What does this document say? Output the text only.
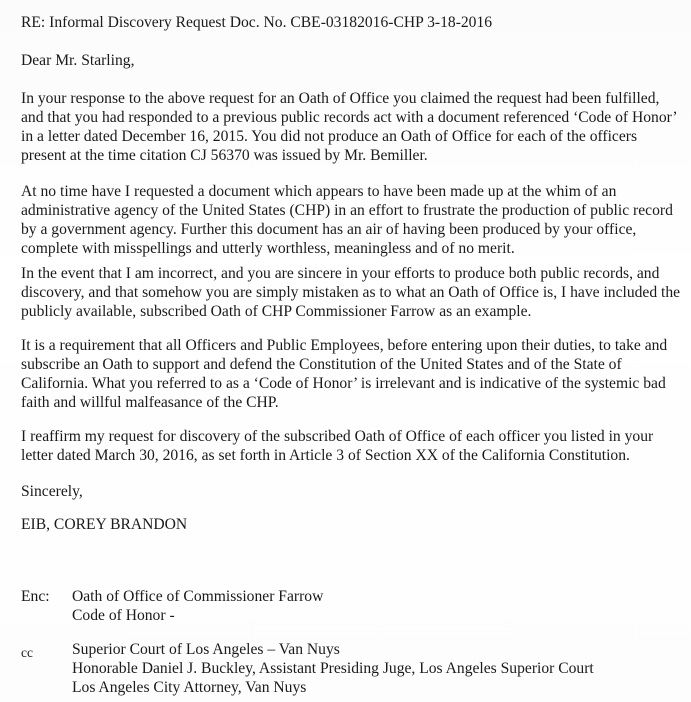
RE: Informal Discovery Request Doc. No. CBE-03182016-CHP 3-18-2016
Dear Mr. Starling,
In your response to the above request for an Oath of Office you claimed the request had been fulfilled,
and that you had responded to a previous public records act with a document referenced ‘Code of Honor’
in a letter dated December 16, 2015. You did not produce an Oath of Office for each of the officers
present at the time citation CJ 56370 was issued by Mr. Bemiller.
At no time have I requested a document which appears to have been made up at the whim of an
administrative agency of the United States (CHP) in an effort to frustrate the production of public record
by a government agency. Further this document has an air of having been produced by your office,
complete with misspellings and utterly worthless, meaningless and of no merit.
In the event that I am incorrect, and you are sincere in your efforts to produce both public records, and
discovery, and that somehow you are simply mistaken as to what an Oath of Office is, I have included the
publicly available, subscribed Oath of CHP Commissioner Farrow as an example.
It is a requirement that all Officers and Public Employees, before entering upon their duties, to take and
subscribe an Oath to support and defend the Constitution of the United States and of the State of
California. What you referred to as a ‘Code of Honor’ is irrelevant and is indicative of the systemic bad
faith and willful malfeasance of the CHP.
I reaffirm my request for discovery of the subscribed Oath of Office of each officer you listed in your
letter dated March 30, 2016, as set forth in Article 3 of Section XX of the California Constitution.
Sincerely,
EIB, COREY BRANDON
Enc: Oath of Office of Commissioner Farrow
Code of Honor -
cc	Superior Court of Los Angeles – Van Nuys
Honorable Daniel J. Buckley, Assistant Presiding Juge, Los Angeles Superior Court
Los Angeles City Attorney, Van Nuys
